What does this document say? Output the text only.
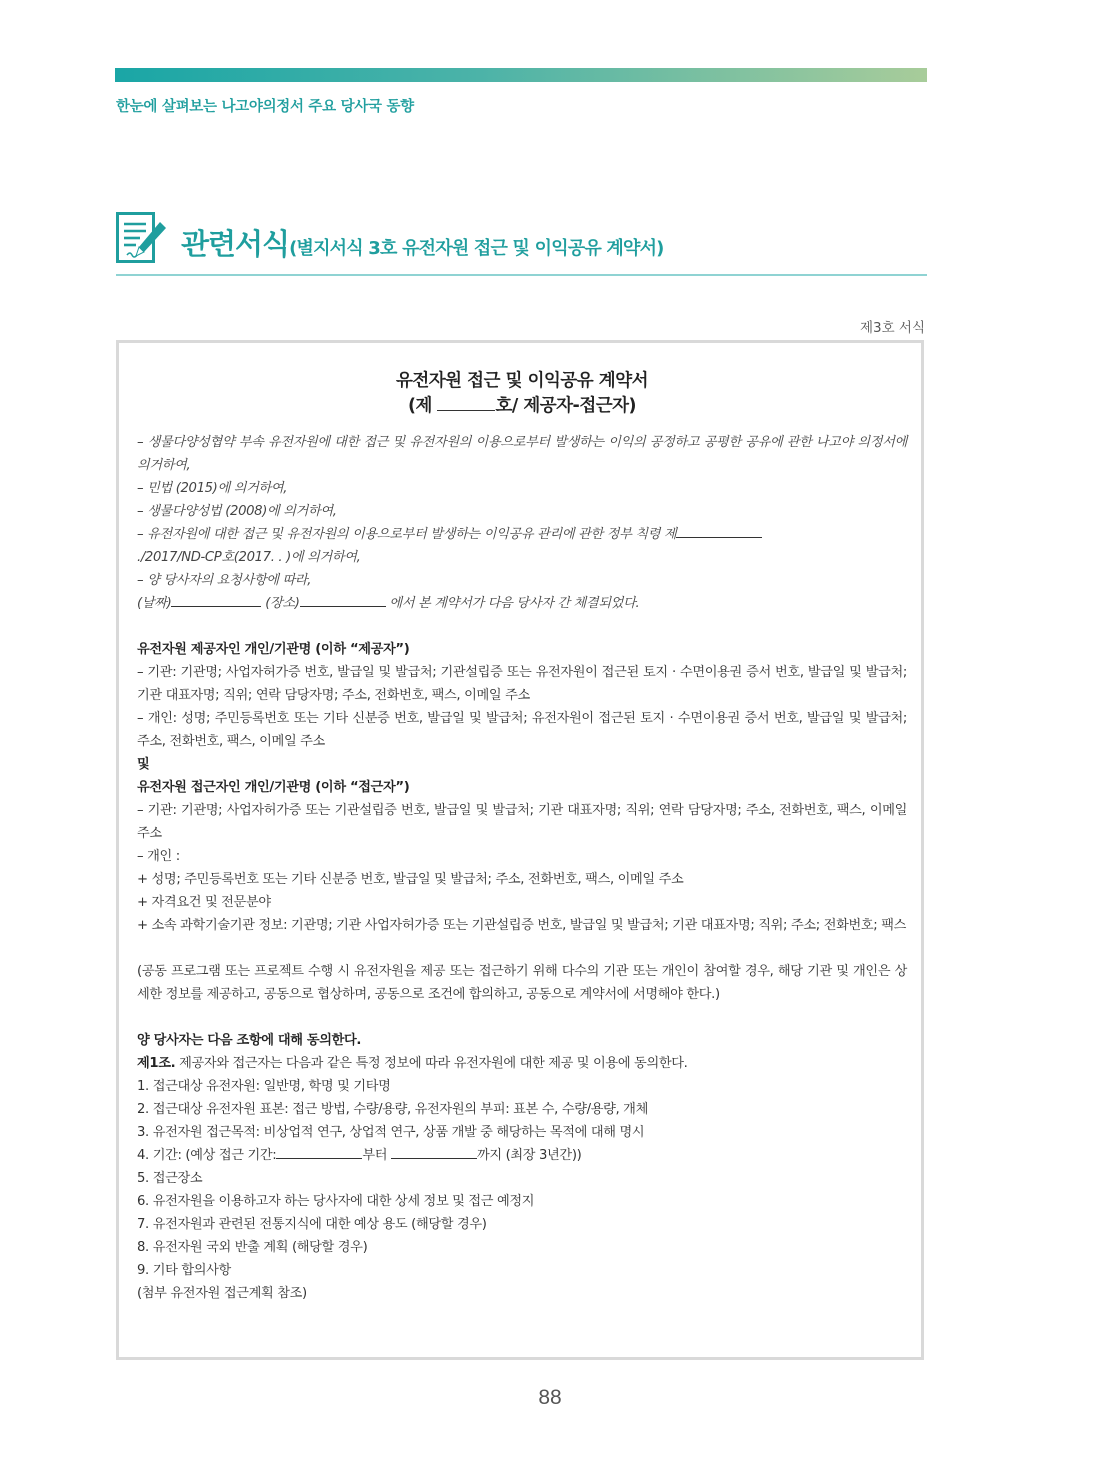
한눈에 살펴보는 나고야의정서 주요 당사국 동향
관련서식(별지서식 3호 유전자원 접근 및 이익공유 계약서)
제3호 서식
유전자원 접근 및 이익공유 계약서
(제	호/ 제공자-접근자)

– 생물다양성협약 부속 유전자원에 대한 접근 및 유전자원의 이용으로부터 발생하는 이익의 공정하고 공평한 공유에 관한 나고야 의정서에 의거하여,

– 민법 (2015)에 의거하여,

– 생물다양성법 (2008)에 의거하여,

– 유전자원에 대한 접근 및 유전자원의 이용으로부터 발생하는 이익공유 관리에 관한 정부 칙령 제
./2017/ND-CP호(2017. . )에 의거하여,

– 양 당사자의 요청사항에 따라,

(날짜)	(장소)	에서 본 계약서가 다음 당사자 간 체결되었다.

유전자원 제공자인 개인/기관명 (이하 “제공자”)

– 기관: 기관명; 사업자허가증 번호, 발급일 및 발급처; 기관설립증 또는 유전자원이 접근된 토지 · 수면이용권 증서 번호, 발급일 및 발급처; 기관 대표자명; 직위; 연락 담당자명; 주소, 전화번호, 팩스, 이메일 주소

– 개인: 성명; 주민등록번호 또는 기타 신분증 번호, 발급일 및 발급처; 유전자원이 접근된 토지 · 수면이용권 증서 번호, 발급일 및 발급처; 주소, 전화번호, 팩스, 이메일 주소

및

유전자원 접근자인 개인/기관명 (이하 “접근자”)

– 기관: 기관명; 사업자허가증 또는 기관설립증 번호, 발급일 및 발급처; 기관 대표자명; 직위; 연락 담당자명; 주소, 전화번호, 팩스, 이메일 주소

– 개인 :

+ 성명; 주민등록번호 또는 기타 신분증 번호, 발급일 및 발급처; 주소, 전화번호, 팩스, 이메일 주소

+ 자격요건 및 전문분야

+ 소속 과학기술기관 정보: 기관명; 기관 사업자허가증 또는 기관설립증 번호, 발급일 및 발급처; 기관 대표자명; 직위; 주소; 전화번호; 팩스

(공동 프로그램 또는 프로젝트 수행 시 유전자원을 제공 또는 접근하기 위해 다수의 기관 또는 개인이 참여할 경우, 해당 기관 및 개인은 상세한 정보를 제공하고, 공동으로 협상하며, 공동으로 조건에 합의하고, 공동으로 계약서에 서명해야 한다.)

양 당사자는 다음 조항에 대해 동의한다.

제1조. 제공자와 접근자는 다음과 같은 특정 정보에 따라 유전자원에 대한 제공 및 이용에 동의한다.

1. 접근대상 유전자원: 일반명, 학명 및 기타명

2. 접근대상 유전자원 표본: 접근 방법, 수량/용량, 유전자원의 부피: 표본 수, 수량/용량, 개체

3. 유전자원 접근목적: 비상업적 연구, 상업적 연구, 상품 개발 중 해당하는 목적에 대해 명시

4. 기간: (예상 접근 기간:	부터	까지 (최장 3년간))

5. 접근장소

6. 유전자원을 이용하고자 하는 당사자에 대한 상세 정보 및 접근 예정지

7. 유전자원과 관련된 전통지식에 대한 예상 용도 (해당할 경우)

8. 유전자원 국외 반출 계획 (해당할 경우)

9. 기타 합의사항

(첨부 유전자원 접근계획 참조)

88
